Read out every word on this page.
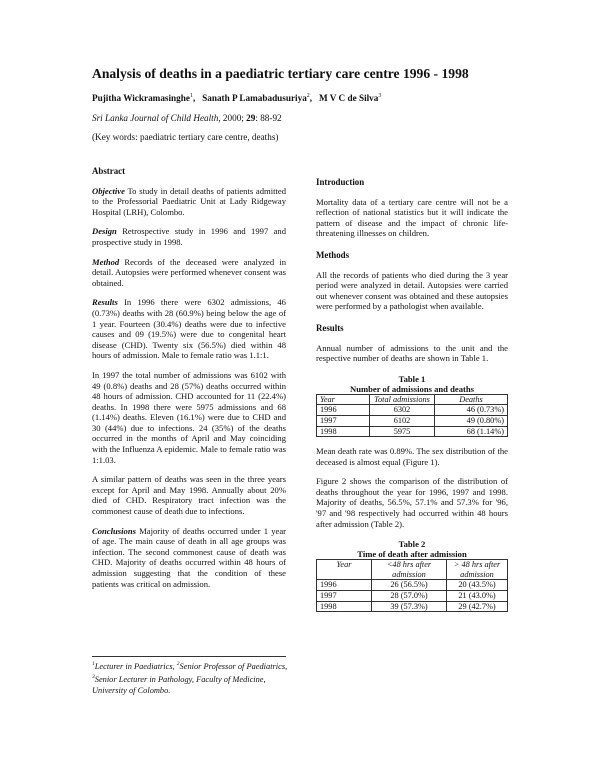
Analysis of deaths in a paediatric tertiary care centre 1996 - 1998
Pujitha Wickramasinghe$^1$,   Sanath P Lamabadusuriya$^2$,   M V C de Silva$^3$
Sri Lanka Journal of Child Health, 2000; 29: 88-92
(Key words: paediatric tertiary care centre, deaths)

Abstract

Objective To study in detail deaths of patients admitted to the Professorial Paediatric Unit at Lady Ridgeway Hospital (LRH), Colombo.

Design Retrospective study in 1996 and 1997 and prospective study in 1998.

Method Records of the deceased were analyzed in detail. Autopsies were performed whenever consent was obtained.

Results In 1996 there were 6302 admissions, 46 (0.73%) deaths with 28 (60.9%) being below the age of 1 year. Fourteen (30.4%) deaths were due to infective causes and 09 (19.5%) were due to congenital heart disease (CHD). Twenty six (56.5%) died within 48 hours of admission. Male to female ratio was 1.1:1.

In 1997 the total number of admissions was 6102 with 49 (0.8%) deaths and 28 (57%) deaths occurred within 48 hours of admission. CHD accounted for 11 (22.4%) deaths. In 1998 there were 5975 admissions and 68 (1.14%) deaths. Eleven (16.1%) were due to CHD and 30 (44%) due to infections. 24 (35%) of the deaths occurred in the months of April and May coinciding with the Influenza A epidemic. Male to female ratio was 1:1.03.

A similar pattern of deaths was seen in the three years except for April and May 1998. Annually about 20% died of CHD. Respiratory tract infection was the commonest cause of death due to infections.

Conclusions Majority of deaths occurred under 1 year of age. The main cause of death in all age groups was infection. The second commonest cause of death was CHD. Majority of deaths occurred within 48 hours of admission suggesting that the condition of these patients was critical on admission.

$^1$Lecturer in Paediatrics, $^2$Senior Professor of Paediatrics, $^3$Senior Lecturer in Pathology, Faculty of Medicine, University of Colombo.

Introduction

Mortality data of a tertiary care centre will not be a reflection of national statistics but it will indicate the pattern of disease and the impact of chronic life-threatening illnesses on children.

Methods

All the records of patients who died during the 3 year period were analyzed in detail. Autopsies were carried out whenever consent was obtained and these autopsies were performed by a pathologist when available.

Results

Annual number of admissions to the unit and the respective number of deaths are shown in Table 1.

Table 1
Number of admissions and deaths
Year	Total admissions	Deaths
1996	6302	46 (0.73%)
1997	6102	49 (0.80%)
1998	5975	68 (1.14%)

Mean death rate was 0.89%. The sex distribution of the deceased is almost equal (Figure 1).

Figure 2 shows the comparison of the distribution of deaths throughout the year for 1996, 1997 and 1998. Majority of deaths, 56.5%, 57.1% and 57.3% for '96, '97 and '98 respectively had occurred within 48 hours after admission (Table 2).

Table 2
Time of death after admission
Year	<48 hrs after admission	> 48 hrs after admission
1996	26 (56.5%)	20 (43.5%)
1997	28 (57.0%)	21 (43.0%)
1998	39 (57.3%)	29 (42.7%)
